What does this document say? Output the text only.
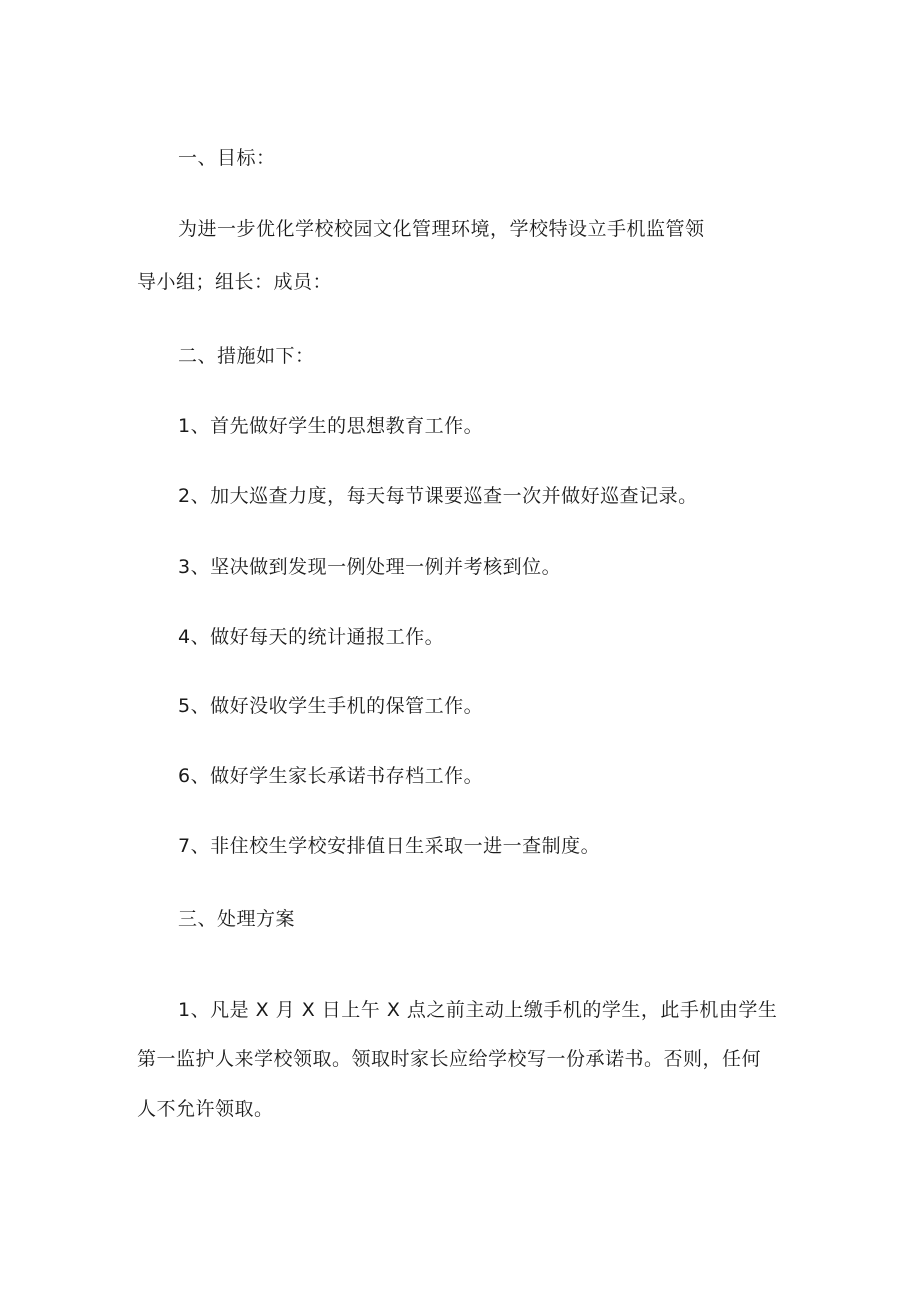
一、目标：
为进一步优化学校校园文化管理环境，学校特设立手机监管领
导小组；组长：成员：
二、措施如下：
1、首先做好学生的思想教育工作。
2、加大巡查力度，每天每节课要巡查一次并做好巡查记录。
3、坚决做到发现一例处理一例并考核到位。
4、做好每天的统计通报工作。
5、做好没收学生手机的保管工作。
6、做好学生家长承诺书存档工作。
7、非住校生学校安排值日生采取一进一查制度。
三、处理方案
1、凡是 X 月 X 日上午 X 点之前主动上缴手机的学生，此手机由学生
第一监护人来学校领取。领取时家长应给学校写一份承诺书。否则，任何
人不允许领取。
